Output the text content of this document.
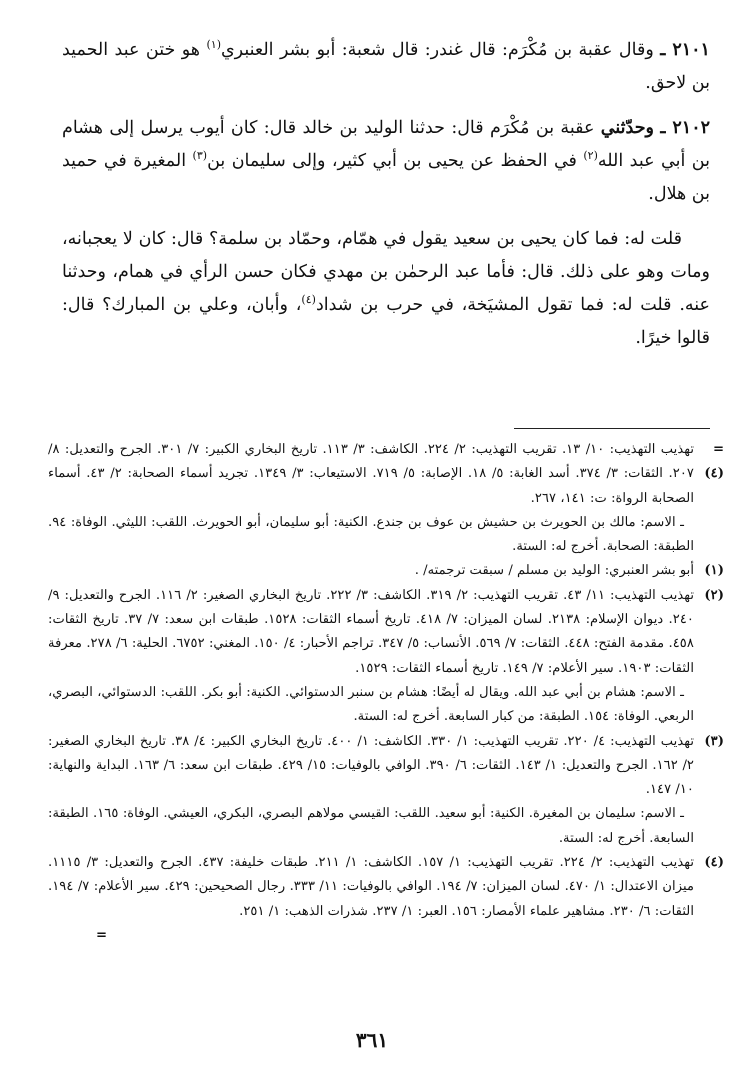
٢١٠١ ـ وقال عقبة بن مُكْرَم: قال غندر: قال شعبة: أبو بشر العنبري$^{(١)}$ هو ختن عبد الحميد بن لاحق.

٢١٠٢ ـ وحدّثني عقبة بن مُكْرَم قال: حدثنا الوليد بن خالد قال: كان أيوب يرسل إلى هشام بن أبي عبد الله$^{(٢)}$ في الحفظ عن يحيى بن أبي كثير، وإلى سليمان بن$^{(٣)}$ المغيرة في حميد بن هلال.

قلت له: فما كان يحيى بن سعيد يقول في همّام، وحمّاد بن سلمة؟ قال: كان لا يعجبانه، ومات وهو على ذلك. قال: فأما عبد الرحمٰن بن مهدي فكان حسن الرأي في همام، وحدثنا عنه. قلت له: فما تقول المشيَخة، في حرب بن شداد$^{(٤)}$، وأبان، وعلي بن المبارك؟ قال: قالوا خيرًا.

= (٤)
تهذيب التهذيب: ١٠/ ١٣. تقريب التهذيب: ٢/ ٢٢٤. الكاشف: ٣/ ١١٣. تاريخ البخاري الكبير: ٧/ ٣٠١. الجرح والتعديل: ٨/ ٢٠٧. الثقات: ٣/ ٣٧٤. أسد الغابة: ٥/ ١٨. الإصابة: ٥/ ٧١٩. الاستيعاب: ٣/ ١٣٤٩. تجريد أسماء الصحابة: ٢/ ٤٣. أسماء الصحابة الرواة: ت: ١٤١، ٢٦٧.
ـ الاسم: مالك بن الحويرث بن حشيش بن عوف بن جندع. الكنية: أبو سليمان، أبو الحويرث. اللقب: الليثي. الوفاة: ٩٤. الطبقة: الصحابة. أخرج له: الستة.
(١)
أبو بشر العنبري: الوليد بن مسلم / سبقت ترجمته/ .
(٢)
تهذيب التهذيب: ١١/ ٤٣. تقريب التهذيب: ٢/ ٣١٩. الكاشف: ٣/ ٢٢٢. تاريخ البخاري الصغير: ٢/ ١١٦. الجرح والتعديل: ٩/ ٢٤٠. ديوان الإسلام: ٢١٣٨. لسان الميزان: ٧/ ٤١٨. تاريخ أسماء الثقات: ١٥٢٨. طبقات ابن سعد: ٧/ ٣٧. تاريخ الثقات: ٤٥٨. مقدمة الفتح: ٤٤٨. الثقات: ٧/ ٥٦٩. الأنساب: ٥/ ٣٤٧. تراجم الأحبار: ٤/ ١٥٠. المغني: ٦٧٥٢. الحلية: ٦/ ٢٧٨. معرفة الثقات: ١٩٠٣. سير الأعلام: ٧/ ١٤٩. تاريخ أسماء الثقات: ١٥٢٩.
ـ الاسم: هشام بن أبي عبد الله. ويقال له أيضًا: هشام بن سنبر الدستوائي. الكنية: أبو بكر. اللقب: الدستوائي، البصري، الربعي. الوفاة: ١٥٤. الطبقة: من كبار السابعة. أخرج له: الستة.
(٣)
تهذيب التهذيب: ٤/ ٢٢٠. تقريب التهذيب: ١/ ٣٣٠. الكاشف: ١/ ٤٠٠. تاريخ البخاري الكبير: ٤/ ٣٨. تاريخ البخاري الصغير: ٢/ ١٦٢. الجرح والتعديل: ١/ ١٤٣. الثقات: ٦/ ٣٩٠. الوافي بالوفيات: ١٥/ ٤٢٩. طبقات ابن سعد: ٦/ ١٦٣. البداية والنهاية: ١٠/ ١٤٧.
ـ الاسم: سليمان بن المغيرة. الكنية: أبو سعيد. اللقب: القيسي مولاهم البصري، البكري، العيشي. الوفاة: ١٦٥. الطبقة: السابعة. أخرج له: الستة.
(٤)
تهذيب التهذيب: ٢/ ٢٢٤. تقريب التهذيب: ١/ ١٥٧. الكاشف: ١/ ٢١١. طبقات خليفة: ٤٣٧. الجرح والتعديل: ٣/ ١١١٥. ميزان الاعتدال: ١/ ٤٧٠. لسان الميزان: ٧/ ١٩٤. الوافي بالوفيات: ١١/ ٣٣٣. رجال الصحيحين: ٤٢٩. سير الأعلام: ٧/ ١٩٤. الثقات: ٦/ ٢٣٠. مشاهير علماء الأمصار: ١٥٦. العبر: ١/ ٢٣٧. شذرات الذهب: ١/ ٢٥١.
=
٣٦١
